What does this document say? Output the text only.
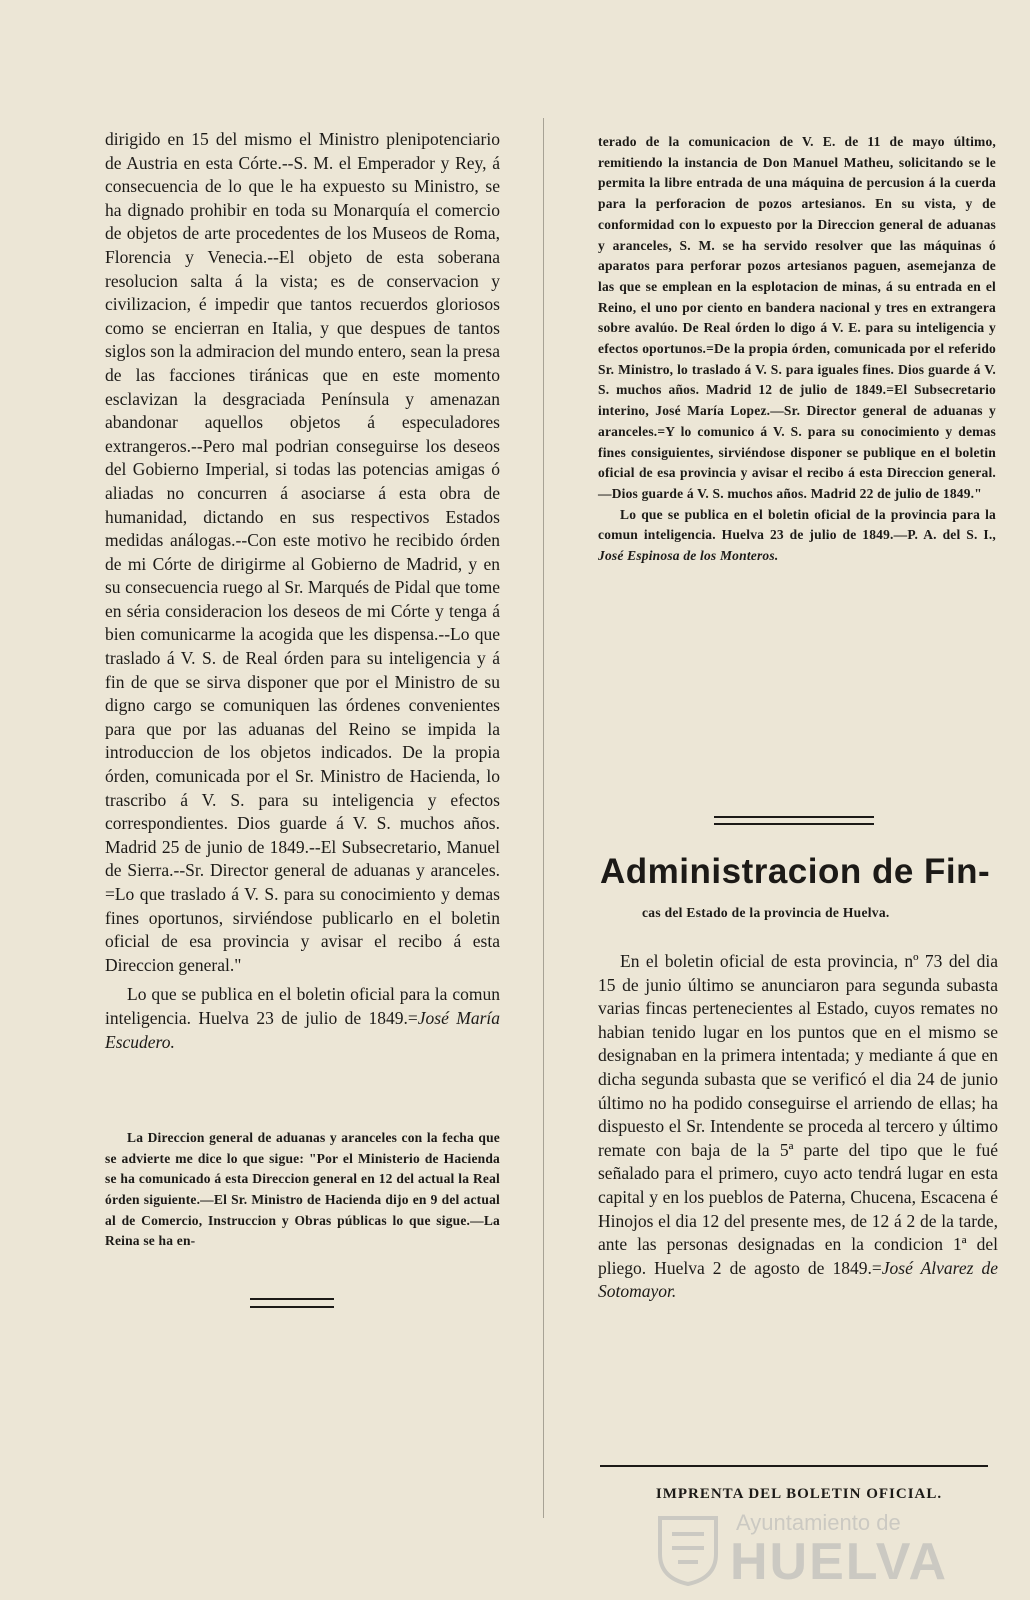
dirigido en 15 del mismo el Ministro plenipotenciario de Austria en esta Córte.--S. M. el Emperador y Rey, á consecuencia de lo que le ha expuesto su Ministro, se ha dignado prohibir en toda su Monarquía el comercio de objetos de arte procedentes de los Museos de Roma, Florencia y Venecia.--El objeto de esta soberana resolucion salta á la vista; es de conservacion y civilizacion, é impedir que tantos recuerdos gloriosos como se encierran en Italia, y que despues de tantos siglos son la admiracion del mundo entero, sean la presa de las facciones tiránicas que en este momento esclavizan la desgraciada Península y amenazan abandonar aquellos objetos á especuladores extrangeros.--Pero mal podrian conseguirse los deseos del Gobierno Imperial, si todas las potencias amigas ó aliadas no concurren á asociarse á esta obra de humanidad, dictando en sus respectivos Estados medidas análogas.--Con este motivo he recibido órden de mi Córte de dirigirme al Gobierno de Madrid, y en su consecuencia ruego al Sr. Marqués de Pidal que tome en séria consideracion los deseos de mi Córte y tenga á bien comunicarme la acogida que les dispensa.--Lo que traslado á V. S. de Real órden para su inteligencia y á fin de que se sirva disponer que por el Ministro de su digno cargo se comuniquen las órdenes convenientes para que por las aduanas del Reino se impida la introduccion de los objetos indicados. De la propia órden, comunicada por el Sr. Ministro de Hacienda, lo trascribo á V. S. para su inteligencia y efectos correspondientes. Dios guarde á V. S. muchos años. Madrid 25 de junio de 1849.--El Subsecretario, Manuel de Sierra.--Sr. Director general de aduanas y aranceles. =Lo que traslado á V. S. para su conocimiento y demas fines oportunos, sirviéndose publicarlo en el boletin oficial de esa provincia y avisar el recibo á esta Direccion general."

Lo que se publica en el boletin oficial para la comun inteligencia. Huelva 23 de julio de 1849.=José María Escudero.

La Direccion general de aduanas y aranceles con la fecha que se advierte me dice lo que sigue: "Por el Ministerio de Hacienda se ha comunicado á esta Direccion general en 12 del actual la Real órden siguiente.—El Sr. Ministro de Hacienda dijo en 9 del actual al de Comercio, Instruccion y Obras públicas lo que sigue.—La Reina se ha en-

terado de la comunicacion de V. E. de 11 de mayo último, remitiendo la instancia de Don Manuel Matheu, solicitando se le permita la libre entrada de una máquina de percusion á la cuerda para la perforacion de pozos artesianos. En su vista, y de conformidad con lo expuesto por la Direccion general de aduanas y aranceles, S. M. se ha servido resolver que las máquinas ó aparatos para perforar pozos artesianos paguen, asemejanza de las que se emplean en la esplotacion de minas, á su entrada en el Reino, el uno por ciento en bandera nacional y tres en extrangera sobre avalúo. De Real órden lo digo á V. E. para su inteligencia y efectos oportunos.=De la propia órden, comunicada por el referido Sr. Ministro, lo traslado á V. S. para iguales fines. Dios guarde á V. S. muchos años. Madrid 12 de julio de 1849.=El Subsecretario interino, José María Lopez.—Sr. Director general de aduanas y aranceles.=Y lo comunico á V. S. para su conocimiento y demas fines consiguientes, sirviéndose disponer se publique en el boletin oficial de esa provincia y avisar el recibo á esta Direccion general.—Dios guarde á V. S. muchos años. Madrid 22 de julio de 1849."

Lo que se publica en el boletin oficial de la provincia para la comun inteligencia. Huelva 23 de julio de 1849.—P. A. del S. I., José Espinosa de los Monteros.

Administracion de Fin-
cas del Estado de la provincia de Huelva.

En el boletin oficial de esta provincia, nº 73 del dia 15 de junio último se anunciaron para segunda subasta varias fincas pertenecientes al Estado, cuyos remates no habian tenido lugar en los puntos que en el mismo se designaban en la primera intentada; y mediante á que en dicha segunda subasta que se verificó el dia 24 de junio último no ha podido conseguirse el arriendo de ellas; ha dispuesto el Sr. Intendente se proceda al tercero y último remate con baja de la 5ª parte del tipo que le fué señalado para el primero, cuyo acto tendrá lugar en esta capital y en los pueblos de Paterna, Chucena, Escacena é Hinojos el dia 12 del presente mes, de 12 á 2 de la tarde, ante las personas designadas en la condicion 1ª del pliego. Huelva 2 de agosto de 1849.=José Alvarez de Sotomayor.

IMPRENTA DEL BOLETIN OFICIAL.
Ayuntamiento de
HUELVA
